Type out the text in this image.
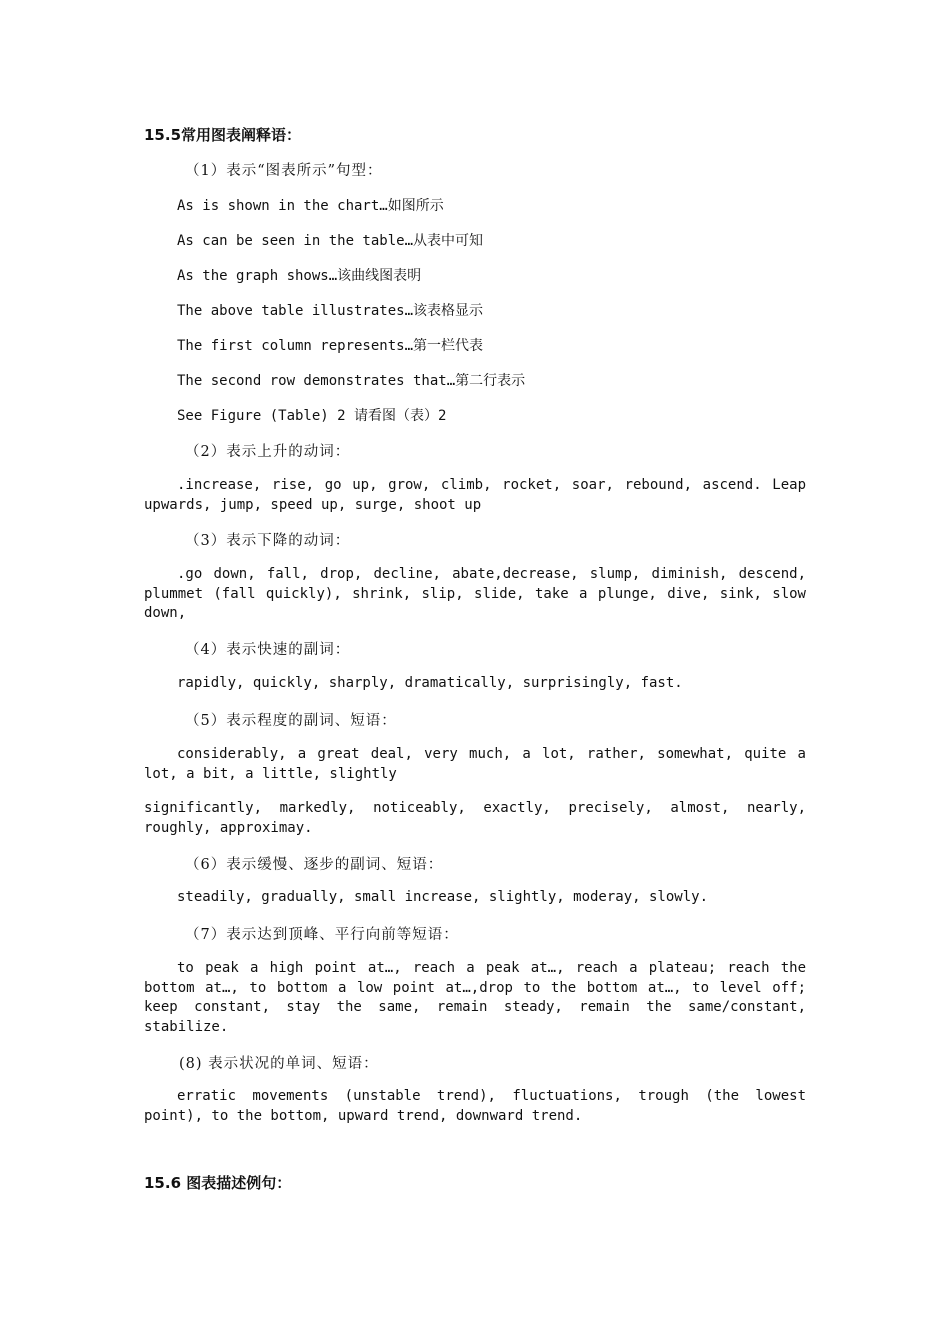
15.5常用图表阐释语：
（1）表示“图表所示”句型：
As is shown in the chart…如图所示
As can be seen in the table…从表中可知
As the graph shows…该曲线图表明
The above table illustrates…该表格显示
The first column represents…第一栏代表
The second row demonstrates that…第二行表示
See Figure (Table) 2 请看图（表）2
（2）表示上升的动词：
.increase, rise, go up, grow, climb, rocket, soar, rebound, ascend. Leap upwards, jump, speed up, surge, shoot up
（3）表示下降的动词：
.go down, fall, drop, decline, abate,decrease, slump, diminish, descend, plummet (fall quickly), shrink, slip, slide, take a plunge, dive, sink, slow down,
（4）表示快速的副词：
rapidly, quickly, sharply, dramatically, surprisingly, fast.
（5）表示程度的副词、短语：
considerably, a great deal, very much, a lot, rather, somewhat, quite a lot, a bit, a little, slightly
significantly, markedly, noticeably, exactly, precisely, almost, nearly, roughly, approximay.
（6）表示缓慢、逐步的副词、短语：
steadily, gradually, small increase, slightly, moderay, slowly.
（7）表示达到顶峰、平行向前等短语：
to peak a high point at…, reach a peak at…, reach a plateau; reach the bottom at…, to bottom a low point at…,drop to the bottom at…, to level off; keep constant, stay the same, remain steady, remain the same/constant, stabilize.
(8) 表示状况的单词、短语：
erratic movements (unstable trend), fluctuations, trough (the lowest point), to the bottom, upward trend, downward trend.
15.6 图表描述例句：
